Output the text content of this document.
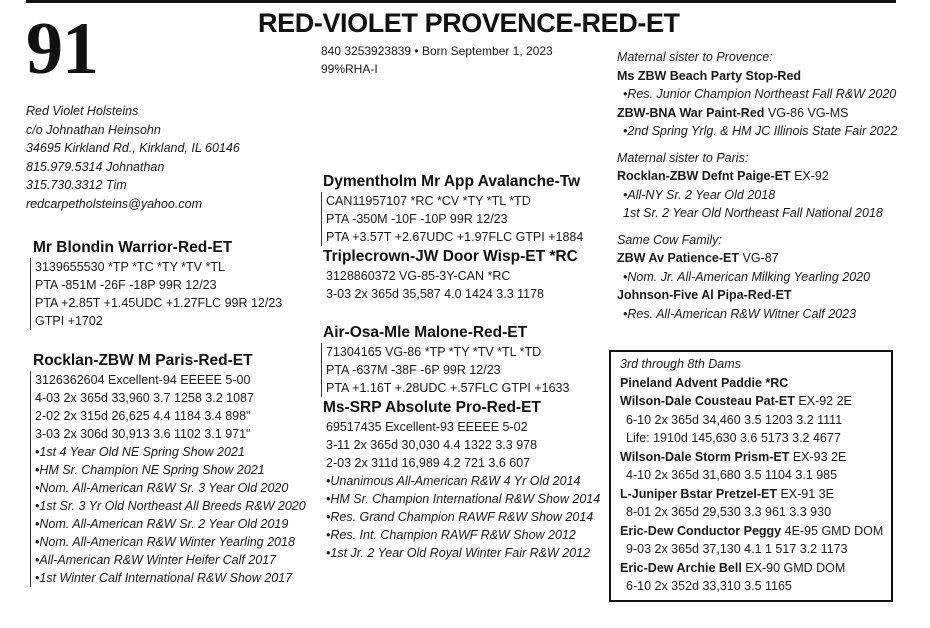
91	RED-VIOLET PROVENCE-RED-ET
840 3253923839 • Born September 1, 2023
99%RHA-I
Red Violet Holsteins
c/o Johnathan Heinsohn
34695 Kirkland Rd., Kirkland, IL 60146
815.979.5314 Johnathan
315.730.3312 Tim
redcarpetholsteins@yahoo.com
Mr Blondin Warrior-Red-ET
3139655530 *TP *TC *TY *TV *TL
PTA -851M -26F -18P 99R 12/23
PTA +2.85T +1.45UDC +1.27FLC 99R 12/23
GTPI +1702
Rocklan-ZBW M Paris-Red-ET
3126362604 Excellent-94 EEEEE 5-00
4-03 2x 365d 33,960 3.7 1258 3.2 1087
2-02 2x 315d 26,625 4.4 1184 3.4 898"
3-03 2x 306d 30,913 3.6 1102 3.1 971"
•1st 4 Year Old NE Spring Show 2021
•HM Sr. Champion NE Spring Show 2021
•Nom. All-American R&W Sr. 3 Year Old 2020
•1st Sr. 3 Yr Old Northeast All Breeds R&W 2020
•Nom. All-American R&W Sr. 2 Year Old 2019
•Nom. All-American R&W Winter Yearling 2018
•All-American R&W Winter Heifer Calf 2017
•1st Winter Calf International R&W Show 2017
Dymentholm Mr App Avalanche-Tw
CAN11957107 *RC *CV *TY *TL *TD
PTA -350M -10F -10P 99R 12/23
PTA +3.57T +2.67UDC +1.97FLC GTPI +1884
Triplecrown-JW Door Wisp-ET *RC
3128860372 VG-85-3Y-CAN *RC
3-03 2x 365d 35,587 4.0 1424 3.3 1178
Air-Osa-Mle Malone-Red-ET
71304165 VG-86 *TP *TY *TV *TL *TD
PTA -637M -38F -6P 99R 12/23
PTA +1.16T +.28UDC +.57FLC GTPI +1633
Ms-SRP Absolute Pro-Red-ET
69517435 Excellent-93 EEEEE 5-02
3-11 2x 365d 30,030 4.4 1322 3.3 978
2-03 2x 311d 16,989 4.2 721 3.6 607
•Unanimous All-American R&W 4 Yr Old 2014
•HM Sr. Champion International R&W Show 2014
•Res. Grand Champion RAWF R&W Show 2014
•Res. Int. Champion RAWF R&W Show 2012
•1st Jr. 2 Year Old Royal Winter Fair R&W 2012
Maternal sister to Provence:
Ms ZBW Beach Party Stop-Red
•Res. Junior Champion Northeast Fall R&W 2020
ZBW-BNA War Paint-Red VG-86 VG-MS
•2nd Spring Yrlg. & HM JC Illinois State Fair 2022
Maternal sister to Paris:
Rocklan-ZBW Defnt Paige-ET EX-92
•All-NY Sr. 2 Year Old 2018
1st Sr. 2 Year Old Northeast Fall National 2018
Same Cow Family:
ZBW Av Patience-ET VG-87
•Nom. Jr. All-American Milking Yearling 2020
Johnson-Five Al Pipa-Red-ET
•Res. All-American R&W Witner Calf 2023
3rd through 8th Dams
Pineland Advent Paddie *RC
Wilson-Dale Cousteau Pat-ET EX-92 2E
6-10 2x 365d 34,460 3.5 1203 3.2 1111
Life: 1910d 145,630 3.6 5173 3.2 4677
Wilson-Dale Storm Prism-ET EX-93 2E
4-10 2x 365d 31,680 3.5 1104 3.1 985
L-Juniper Bstar Pretzel-ET EX-91 3E
8-01 2x 365d 29,530 3.3 961 3.3 930
Eric-Dew Conductor Peggy 4E-95 GMD DOM
9-03 2x 365d 37,130 4.1 1 517 3.2 1173
Eric-Dew Archie Bell EX-90 GMD DOM
6-10 2x 352d 33,310 3.5 1165
